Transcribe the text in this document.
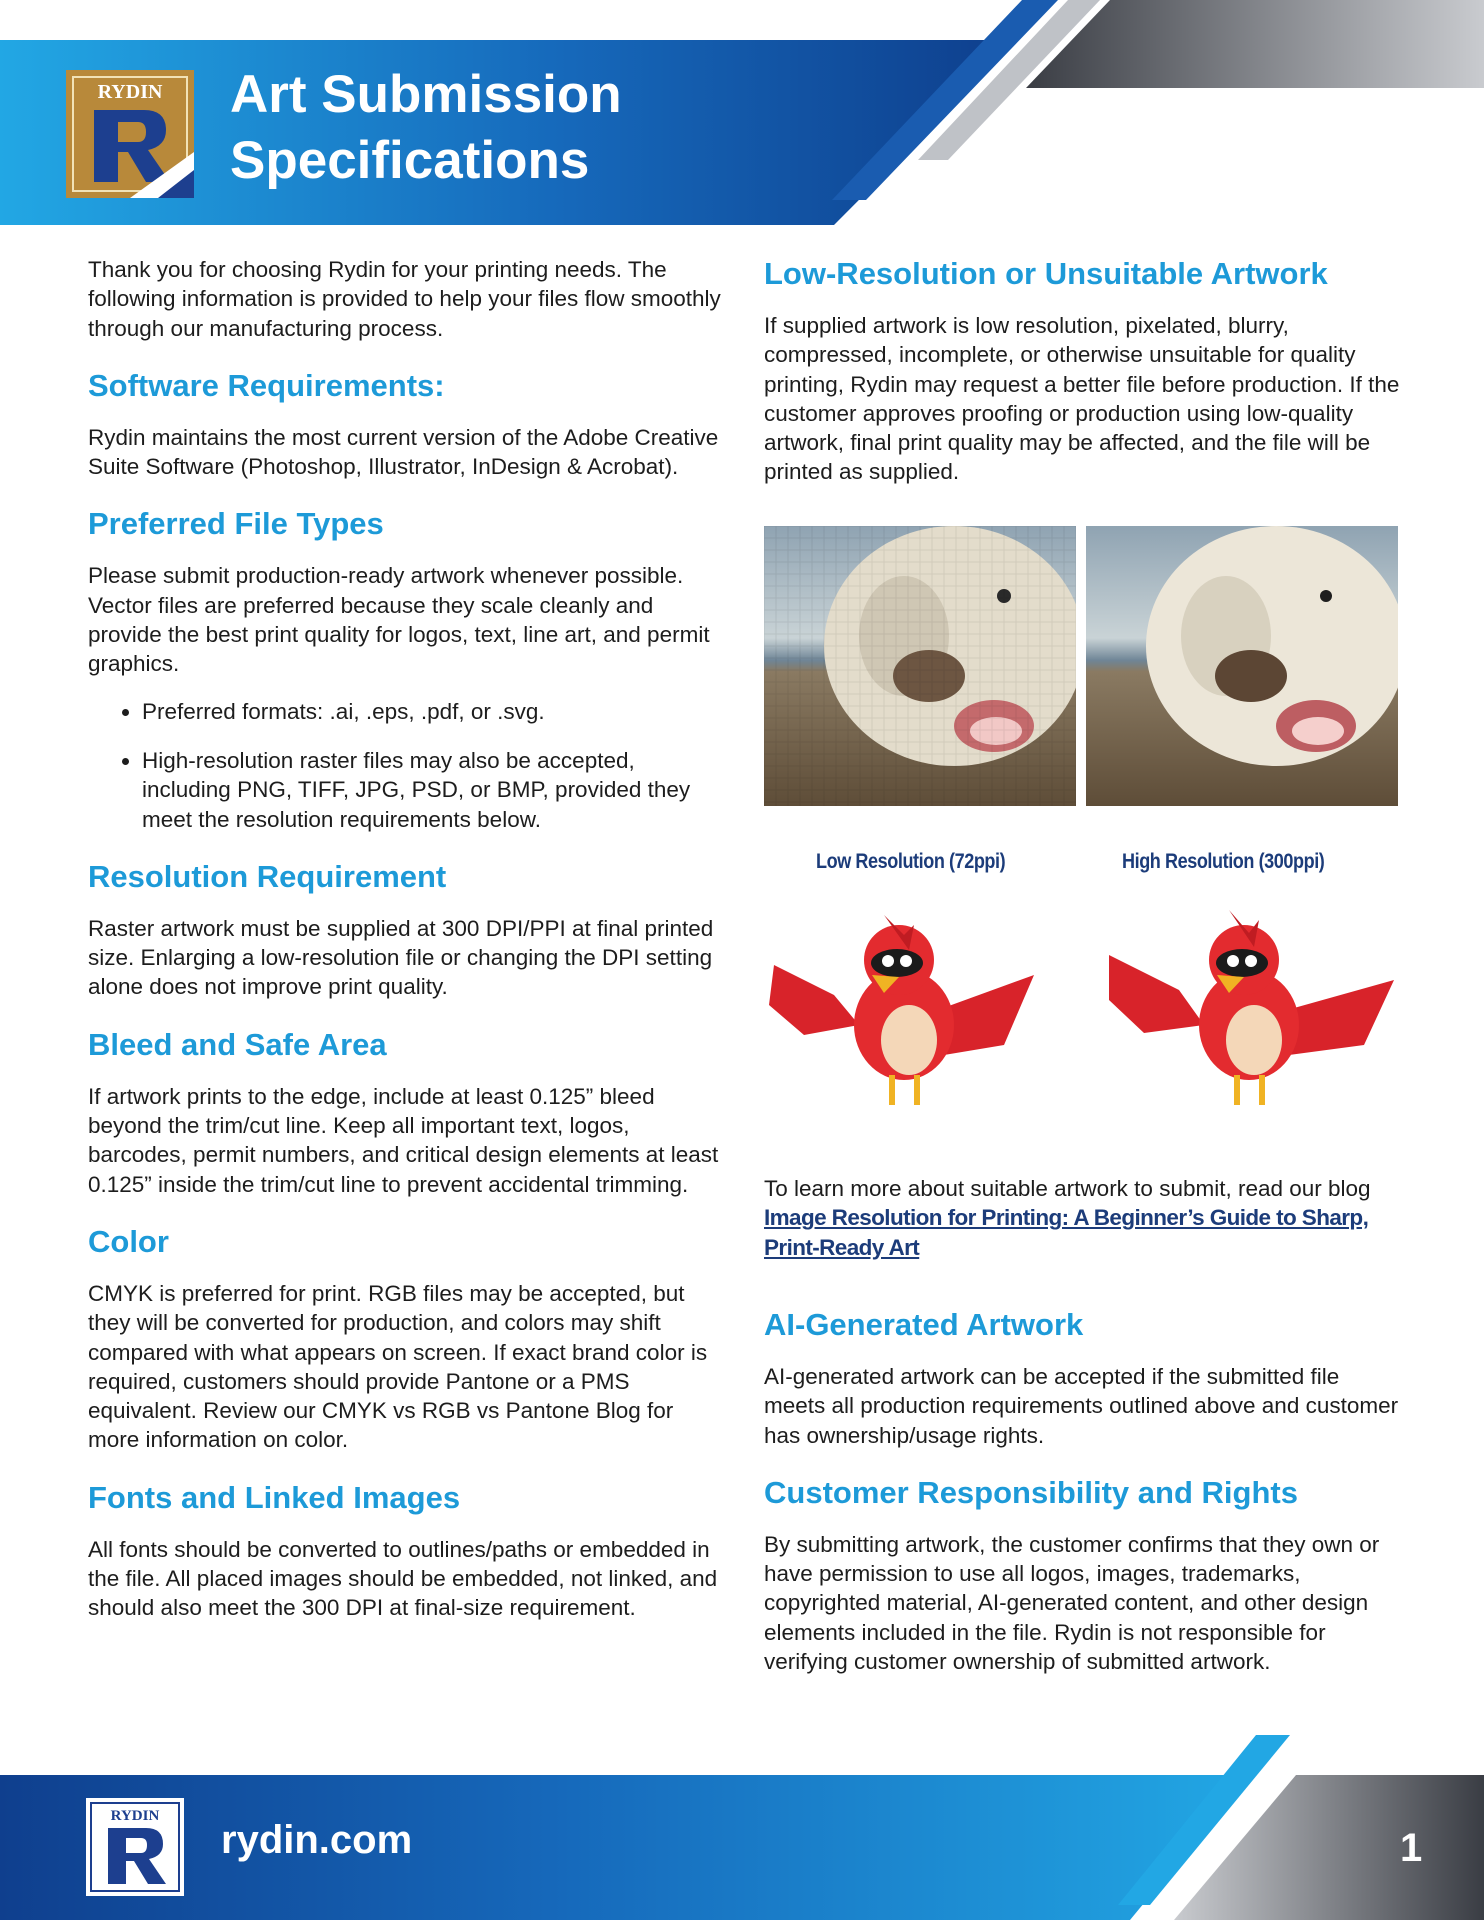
RYDIN Art Submission
Specifications

Thank you for choosing Rydin for your printing needs. The following information is provided to help your files flow smoothly through our manufacturing process.

Software Requirements:

Rydin maintains the most current version of the Adobe Creative Suite Software (Photoshop, Illustrator, InDesign & Acrobat).

Preferred File Types

Please submit production-ready artwork whenever possible. Vector files are preferred because they scale cleanly and provide the best print quality for logos, text, line art, and permit graphics.

• Preferred formats: .ai, .eps, .pdf, or .svg.
• High-resolution raster files may also be accepted, including PNG, TIFF, JPG, PSD, or BMP, provided they meet the resolution requirements below.
Resolution Requirement

Raster artwork must be supplied at 300 DPI/PPI at final printed size. Enlarging a low-resolution file or changing the DPI setting alone does not improve print quality.

Bleed and Safe Area

If artwork prints to the edge, include at least 0.125” bleed beyond the trim/cut line. Keep all important text, logos, barcodes, permit numbers, and critical design elements at least 0.125” inside the trim/cut line to prevent accidental trimming.

Color

CMYK is preferred for print. RGB files may be accepted, but they will be converted for production, and colors may shift compared with what appears on screen. If exact brand color is required, customers should provide Pantone or a PMS equivalent. Review our CMYK vs RGB vs Pantone Blog for more information on color.

Fonts and Linked Images

All fonts should be converted to outlines/paths or embedded in the file. All placed images should be embedded, not linked, and should also meet the 300 DPI at final-size requirement.

Low-Resolution or Unsuitable Artwork

If supplied artwork is low resolution, pixelated, blurry, compressed, incomplete, or otherwise unsuitable for quality printing, Rydin may request a better file before production. If the customer approves proofing or production using low-quality artwork, final print quality may be affected, and the file will be printed as supplied.

Low Resolution (72ppi)	High Resolution (300ppi)
To learn more about suitable artwork to submit, read our blog Image Resolution for Printing: A Beginner’s Guide to Sharp, Print-Ready Art
AI-Generated Artwork

AI-generated artwork can be accepted if the submitted file meets all production requirements outlined above and customer has ownership/usage rights.

Customer Responsibility and Rights

By submitting artwork, the customer confirms that they own or have permission to use all logos, images, trademarks, copyrighted material, AI-generated content, and other design elements included in the file. Rydin is not responsible for verifying customer ownership of submitted artwork.

RYDIN
rydin.com	1
